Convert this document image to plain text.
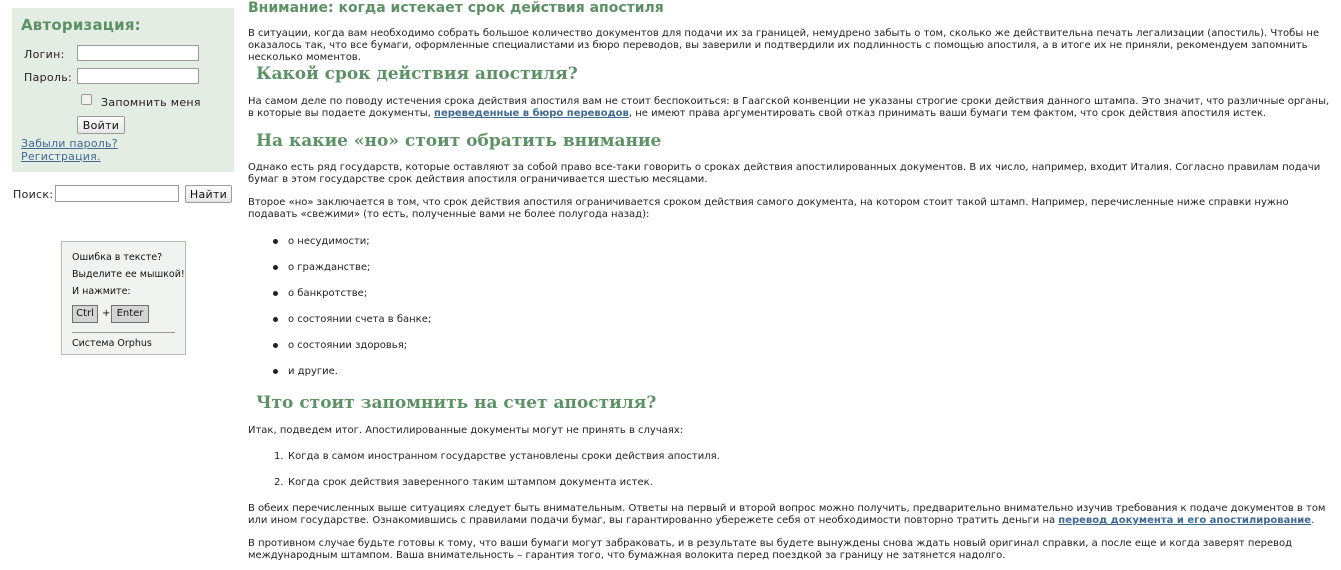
Авторизация:
Логин:
Пароль:
Запомнить меня
Войти
Забыли пароль?
Регистрация.
Поиск:	Найти
Ошибка в тексте?
Выделите ее мышкой!
И нажмите:
Ctrl + Enter
Система Orphus
Внимание: когда истекает срок действия апостиля

В ситуации, когда вам необходимо собрать большое количество документов для подачи их за границей, немудрено забыть о том, сколько же действительна печать легализации (апостиль). Чтобы не оказалось так, что все бумаги, оформленные специалистами из бюро переводов, вы заверили и подтвердили их подлинность с помощью апостиля, а в итоге их не приняли, рекомендуем запомнить несколько моментов.

Какой срок действия апостиля?

На самом деле по поводу истечения срока действия апостиля вам не стоит беспокоиться: в Гаагской конвенции не указаны строгие сроки действия данного штампа. Это значит, что различные органы, в которые вы подаете документы, переведенные в бюро переводов, не имеют права аргументировать свой отказ принимать ваши бумаги тем фактом, что срок действия апостиля истек.

На какие «но» стоит обратить внимание

Однако есть ряд государств, которые оставляют за собой право все-таки говорить о сроках действия апостилированных документов. В их число, например, входит Италия. Согласно правилам подачи бумаг в этом государстве срок действия апостиля ограничивается шестью месяцами.

Второе «но» заключается в том, что срок действия апостиля ограничивается сроком действия самого документа, на котором стоит такой штамп. Например, перечисленные ниже справки нужно подавать «свежими» (то есть, полученные вами не более полугода назад):

о несудимости;
о гражданстве;
о банкротстве;
о состоянии счета в банке;
о состоянии здоровья;
и другие.
Что стоит запомнить на счет апостиля?

Итак, подведем итог. Апостилированные документы могут не принять в случаях:

1. Когда в самом иностранном государстве установлены сроки действия апостиля.
2. Когда срок действия заверенного таким штампом документа истек.

В обеих перечисленных выше ситуациях следует быть внимательным. Ответы на первый и второй вопрос можно получить, предварительно внимательно изучив требования к подаче документов в том или ином государстве. Ознакомившись с правилами подачи бумаг, вы гарантированно убережете себя от необходимости повторно тратить деньги на перевод документа и его апостилирование.

В противном случае будьте готовы к тому, что ваши бумаги могут забраковать, и в результате вы будете вынуждены снова ждать новый оригинал справки, а после еще и когда заверят перевод международным штампом. Ваша внимательность – гарантия того, что бумажная волокита перед поездкой за границу не затянется надолго.
